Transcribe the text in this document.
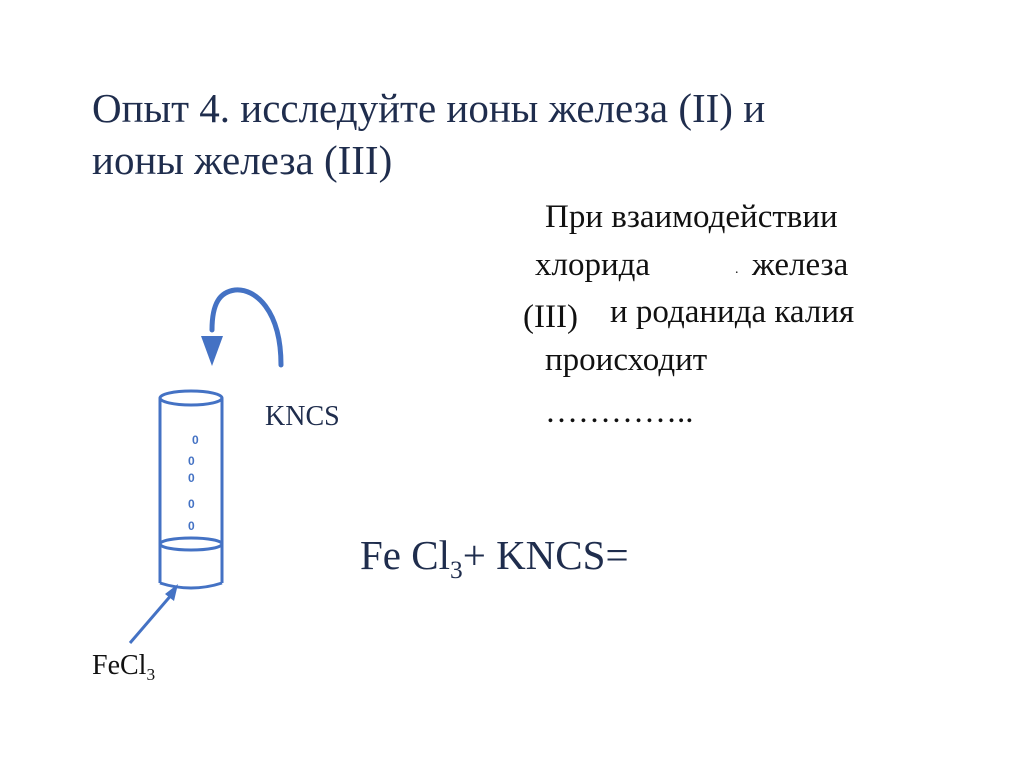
Опыт 4. исследуйте ионы железа (II) и
ионы железа (III)
При взаимодействии
хлорида	. железа
(III) и роданида калия
происходит
…………..
0
0
0
0
0
KNCS
FeCl$_3$
Fe $Cl_3+$ KNCS=
